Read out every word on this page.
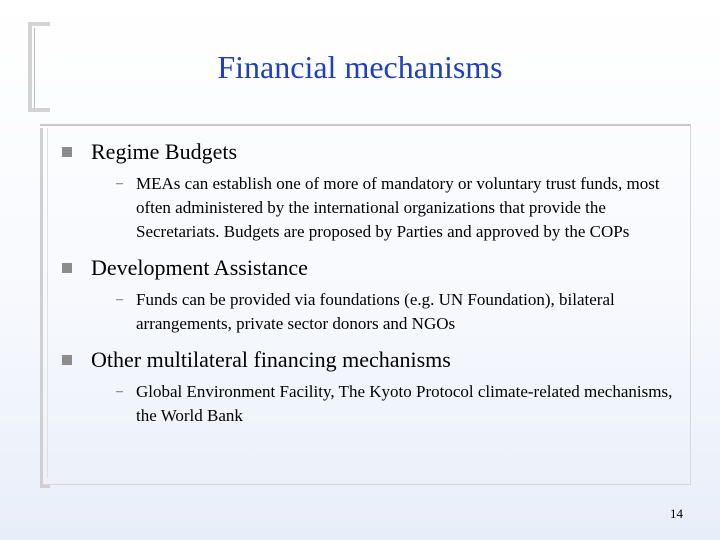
Financial mechanisms
Regime Budgets
– MEAs can establish one of more of mandatory or voluntary trust funds, most often administered by the international organizations that provide the Secretariats. Budgets are proposed by Parties and approved by the COPs
Development Assistance
– Funds can be provided via foundations (e.g. UN Foundation), bilateral arrangements, private sector donors and NGOs
Other multilateral financing mechanisms
– Global Environment Facility, The Kyoto Protocol climate-related mechanisms, the World Bank
14
